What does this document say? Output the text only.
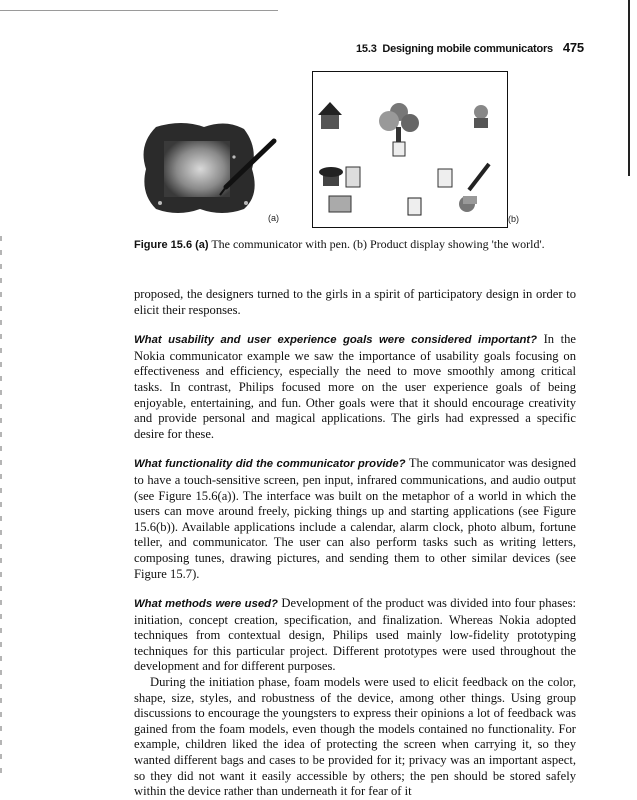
15.3 Designing mobile communicators 475
(a)	(b)
Figure 15.6 (a) The communicator with pen. (b) Product display showing 'the world'.

proposed, the designers turned to the girls in a spirit of participatory design in order to elicit their responses.

What usability and user experience goals were considered important? In the Nokia communicator example we saw the importance of usability goals focusing on effectiveness and efficiency, especially the need to move smoothly among critical tasks. In contrast, Philips focused more on the user experience goals of being enjoyable, entertaining, and fun. Other goals were that it should encourage creativity and provide personal and magical applications. The girls had expressed a specific desire for these.

What functionality did the communicator provide? The communicator was designed to have a touch-sensitive screen, pen input, infrared communications, and audio output (see Figure 15.6(a)). The interface was built on the metaphor of a world in which the users can move around freely, picking things up and starting applications (see Figure 15.6(b)). Available applications include a calendar, alarm clock, photo album, fortune teller, and communicator. The user can also perform tasks such as writing letters, composing tunes, drawing pictures, and sending them to other similar devices (see Figure 15.7).

What methods were used? Development of the product was divided into four phases: initiation, concept creation, specification, and finalization. Whereas Nokia adopted techniques from contextual design, Philips used mainly low-fidelity prototyping techniques for this particular project. Different prototypes were used throughout the development and for different purposes.

During the initiation phase, foam models were used to elicit feedback on the color, shape, size, styles, and robustness of the device, among other things. Using group discussions to encourage the youngsters to express their opinions a lot of feedback was gained from the foam models, even though the models contained no functionality. For example, children liked the idea of protecting the screen when carrying it, so they wanted different bags and cases to be provided for it; privacy was an important aspect, so they did not want it easily accessible by others; the pen should be stored safely within the device rather than underneath it for fear of it
